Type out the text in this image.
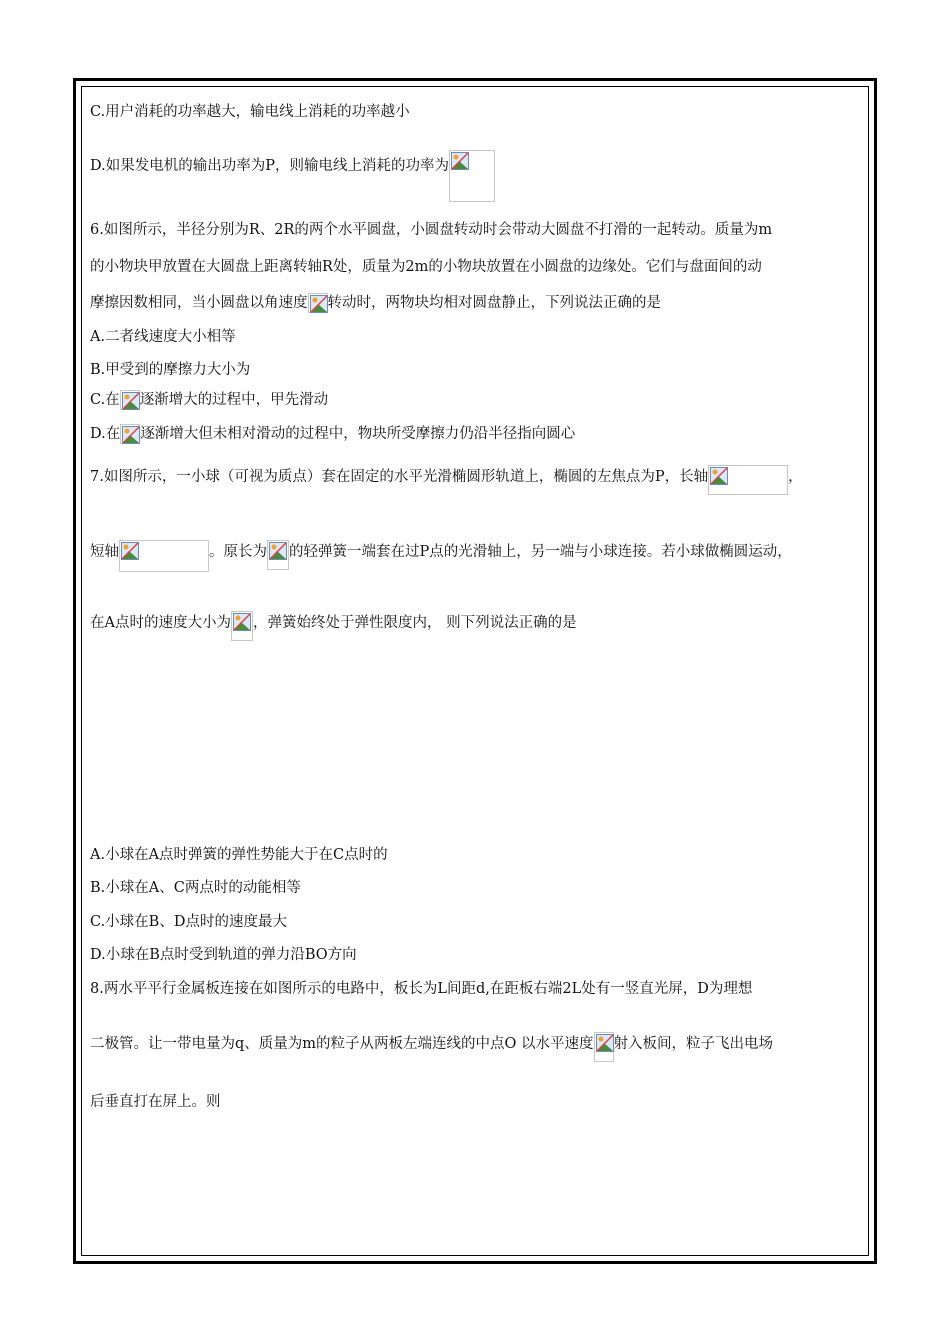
C.用户消耗的功率越大，输电线上消耗的功率越小
D.如果发电机的输出功率为P，则输电线上消耗的功率为
6.如图所示，半径分别为R、2R的两个水平圆盘，小圆盘转动时会带动大圆盘不打滑的一起转动。质量为m
的小物块甲放置在大圆盘上距离转轴R处，质量为2m的小物块放置在小圆盘的边缘处。它们与盘面间的动
摩擦因数相同，当小圆盘以角速度 转动时，两物块均相对圆盘静止，下列说法正确的是
A.二者线速度大小相等
B.甲受到的摩擦力大小为
C.在 逐渐增大的过程中，甲先滑动
D.在 逐渐增大但未相对滑动的过程中，物块所受摩擦力仍沿半径指向圆心
7.如图所示，一小球（可视为质点）套在固定的水平光滑椭圆形轨道上，椭圆的左焦点为P，长轴	，
短轴	。原长为 的轻弹簧一端套在过P点的光滑轴上，另一端与小球连接。若小球做椭圆运动，
在A点时的速度大小为 ，弹簧始终处于弹性限度内， 则下列说法正确的是
A.小球在A点时弹簧的弹性势能大于在C点时的
B.小球在A、C两点时的动能相等
C.小球在B、D点时的速度最大
D.小球在B点时受到轨道的弹力沿BO方向
8.两水平平行金属板连接在如图所示的电路中，板长为L间距d,在距板右端2L处有一竖直光屏，D为理想
二极管。让一带电量为q、质量为m的粒子从两板左端连线的中点O 以水平速度 射入板间，粒子飞出电场
后垂直打在屏上。则
